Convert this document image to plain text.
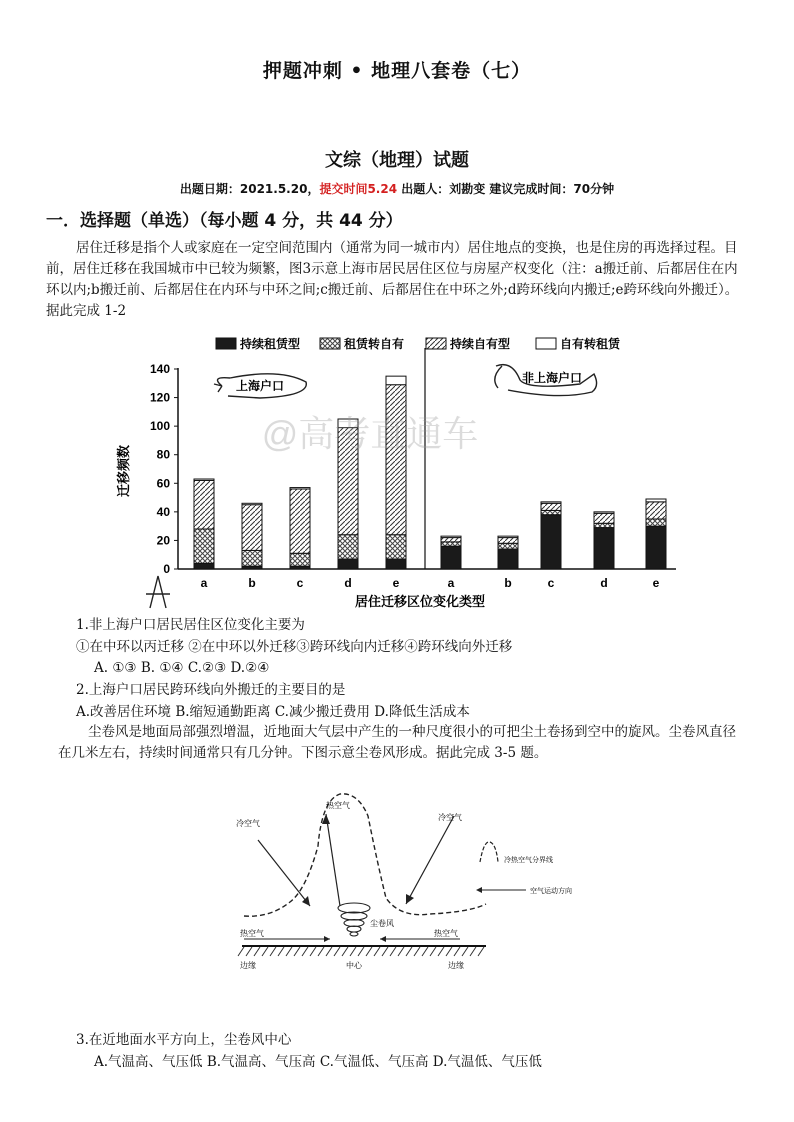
押题冲刺 • 地理八套卷（七）
文综（地理）试题
出题日期：2021.5.20，提交时间5.24 出题人：刘勘变 建议完成时间：70分钟
一．选择题（单选）（每小题 4 分，共 44 分）
居住迁移是指个人或家庭在一定空间范围内（通常为同一城市内）居住地点的变换，也是住房的再选择过程。目前，居住迁移在我国城市中已较为频繁，图3示意上海市居民居住区位与房屋产权变化（注：a搬迁前、后都居住在内环以内;b搬迁前、后都居住在内环与中环之间;c搬迁前、后都居住在中环之外;d跨环线向内搬迁;e跨环线向外搬迁）。据此完成 1-2
持续租赁型	租赁转自有	持续自有型	自有转租赁
0
20
40
60
80
100
120
140
a	b	c	d	e	a	b	c	d	e
迁移频数
居住迁移区位变化类型
上海户口
非上海户口
@高考直通车
1.非上海户口居民居住区位变化主要为
①在中环以丙迁移 ②在中环以外迁移③跨环线向内迁移④跨环线向外迁移
A. ①③ B. ①④ C.②③ D.②④
2.上海户口居民跨环线向外搬迁的主要目的是
A.改善居住环境 B.缩短通勤距离 C.减少搬迁费用 D.降低生活成本
尘卷风是地面局部强烈增温，近地面大气层中产生的一种尺度很小的可把尘土卷扬到空中的旋风。尘卷风直径在几米左右，持续时间通常只有几分钟。下图示意尘卷风形成。据此完成 3-5 题。
热空气
冷空气
冷空气
热空气	热空气
尘卷风
边缘	中心	边缘
冷热空气分界线
空气运动方向
3.在近地面水平方向上，尘卷风中心
A.气温高、气压低 B.气温高、气压高 C.气温低、气压高 D.气温低、气压低
